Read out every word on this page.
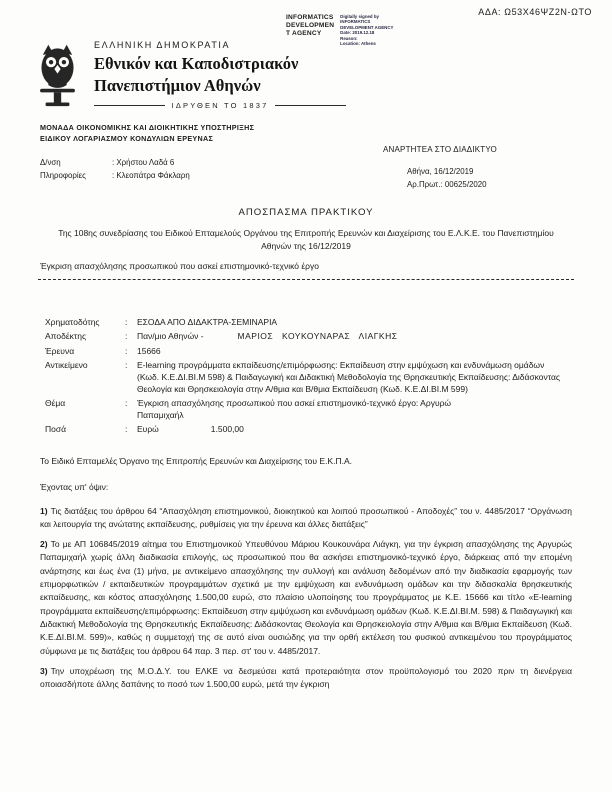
ΑΔΑ: Ω53Χ46ΨΖ2Ν-ΩΤΟ
INFORMATICS
DEVELOPMEN
T AGENCY
Digitally signed by
INFORMATICS
DEVELOPMENT AGENCY
Date: 2019.12.18
Reason:
Location: Athens
ΕΛΛΗΝΙΚΗ ΔΗΜΟΚΡΑΤΙΑ
Εθνικόν και Καποδιστριακόν
Πανεπιστήμιον Αθηνών
ΙΔΡΥΘΕΝ ΤΟ 1837
ΜΟΝΑΔΑ ΟΙΚΟΝΟΜΙΚΗΣ ΚΑΙ ΔΙΟΙΚΗΤΙΚΗΣ ΥΠΟΣΤΗΡΙΞΗΣ
ΕΙΔΙΚΟΥ ΛΟΓΑΡΙΑΣΜΟΥ ΚΟΝΔΥΛΙΩΝ ΕΡΕΥΝΑΣ
ΑΝΑΡΤΗΤΕΑ ΣΤΟ ΔΙΑΔΙΚΤΥΟ
Δ/νση	: Χρήστου Λαδά 6
Πληροφορίες	: Κλεοπάτρα Φάκλαρη	Αθήνα, 16/12/2019
Αρ.Πρωτ.: 00625/2020
ΑΠΟΣΠΑΣΜΑ ΠΡΑΚΤΙΚΟΥ
Της 108ης συνεδρίασης του Ειδικού Επταμελούς Οργάνου της Επιτροπής Ερευνών και Διαχείρισης του Ε.Λ.Κ.Ε. του Πανεπιστημίου Αθηνών της 16/12/2019
Έγκριση απασχόλησης προσωπικού που ασκεί επιστημονικό-τεχνικό έργο
Χρηματοδότης	:	ΕΣΟΔΑ ΑΠΟ ΔΙΔΑΚΤΡΑ-ΣΕΜΙΝΑΡΙΑ
Αποδέκτης	:	Παν/μιο Αθηνών -	ΜΑΡΙΟΣ ΚΟΥΚΟΥΝΑΡΑΣ ΛΙΑΓΚΗΣ
Έρευνα	:	15666
Αντικείμενο	:	E-learning προγράμματα εκπαίδευσης/επιμόρφωσης: Εκπαίδευση στην εμψύχωση και ενδυνάμωση ομάδων (Κωδ. Κ.Ε.ΔΙ.ΒΙ.Μ 598) & Παιδαγωγική και Διδακτική Μεθοδολογία της Θρησκευτικής Εκπαίδευσης: Διδάσκοντας Θεολογία και Θρησκειολογία στην Α/θμια και Β/θμια Εκπαίδευση (Κωδ. Κ.Ε.ΔΙ.ΒΙ.Μ 599)
Θέμα	:	Έγκριση απασχόλησης προσωπικού που ασκεί επιστημονικό-τεχνικό έργο: Αργυρώ Παπαμιχαήλ
Ποσά	:	Ευρώ	1.500,00
Το Ειδικό Επταμελές Όργανο της Επιτροπής Ερευνών και Διαχείρισης του Ε.Κ.Π.Α.
Έχοντας υπ' όψιν:
1) Τις διατάξεις του άρθρου 64 “Απασχόληση επιστημονικού, διοικητικού και λοιπού προσωπικού - Αποδοχές” του ν. 4485/2017 “Οργάνωση και λειτουργία της ανώτατης εκπαίδευσης, ρυθμίσεις για την έρευνα και άλλες διατάξεις”
2) Το με ΑΠ 106845/2019 αίτημα του Επιστημονικού Υπευθύνου Μάριου Κουκουνάρα Λιάγκη, για την έγκριση απασχόλησης της Αργυρώς Παπαμιχαήλ χωρίς άλλη διαδικασία επιλογής, ως προσωπικού που θα ασκήσει επιστημονικό-τεχνικό έργο, διάρκειας από την επομένη ανάρτησης και έως ένα (1) μήνα, με αντικείμενο απασχόλησης την συλλογή και ανάλυση δεδομένων από την διαδικασία εφαρμογής των επιμορφωτικών / εκπαιδευτικών προγραμμάτων σχετικά με την εμψύχωση και ενδυνάμωση ομάδων και την διδασκαλία θρησκευτικής εκπαίδευσης, και κόστος απασχόλησης 1.500,00 ευρώ, στο πλαίσιο υλοποίησης του προγράμματος με Κ.Ε. 15666 και τίτλο «E-learning προγράμματα εκπαίδευσης/επιμόρφωσης: Εκπαίδευση στην εμψύχωση και ενδυνάμωση ομάδων (Κωδ. Κ.Ε.ΔΙ.ΒΙ.Μ. 598) & Παιδαγωγική και Διδακτική Μεθοδολογία της Θρησκευτικής Εκπαίδευσης: Διδάσκοντας Θεολογία και Θρησκειολογία στην Α/θμια και Β/θμια Εκπαίδευση (Κωδ. Κ.Ε.ΔΙ.ΒΙ.Μ. 599)», καθώς η συμμετοχή της σε αυτό είναι ουσιώδης για την ορθή εκτέλεση του φυσικού αντικειμένου του προγράμματος σύμφωνα με τις διατάξεις του άρθρου 64 παρ. 3 περ. στ' του ν. 4485/2017.
3) Την υποχρέωση της Μ.Ο.Δ.Υ. του ΕΛΚΕ να δεσμεύσει κατά προτεραιότητα στον προϋπολογισμό του 2020 πριν τη διενέργεια οποιασδήποτε άλλης δαπάνης το ποσό των 1.500,00 ευρώ, μετά την έγκριση
